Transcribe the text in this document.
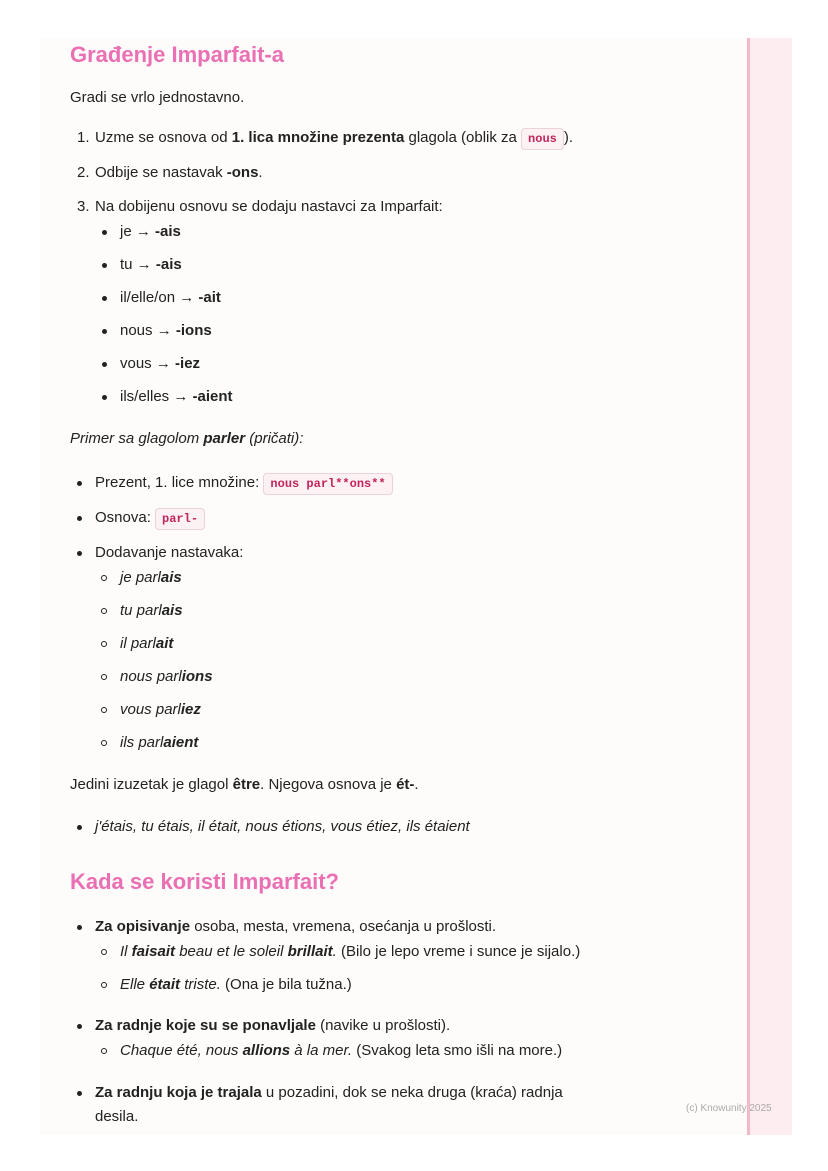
Građenje Imparfait-a

Gradi se vrlo jednostavno.

1. Uzme se osnova od 1. lica množine prezenta glagola (oblik za nous ).
2. Odbije se nastavak -ons.
3. Na dobijenu osnovu se dodaju nastavci za Imparfait:
je → -ais
tu → -ais
il/elle/on → -ait
nous → -ions
vous → -iez
ils/elles → -aient

Primer sa glagolom parler (pričati):

Prezent, 1. lice množine: nous parl**ons**
Osnova: parl-
Dodavanje nastavaka:
je parlais
tu parlais
il parlait
nous parlions
vous parliez
ils parlaient

Jedini izuzetak je glagol être. Njegova osnova je ét-.

j'étais, tu étais, il était, nous étions, vous étiez, ils étaient
Kada se koristi Imparfait?
Za opisivanje osoba, mesta, vremena, osećanja u prošlosti.
Il faisait beau et le soleil brillait. (Bilo je lepo vreme i sunce je sijalo.)
Elle était triste. (Ona je bila tužna.)
Za radnje koje su se ponavljale (navike u prošlosti).
Chaque été, nous allions à la mer. (Svakog leta smo išli na more.)
Za radnju koja je trajala u pozadini, dok se neka druga (kraća) radnja
desila.	(c) Knowunity 2025
